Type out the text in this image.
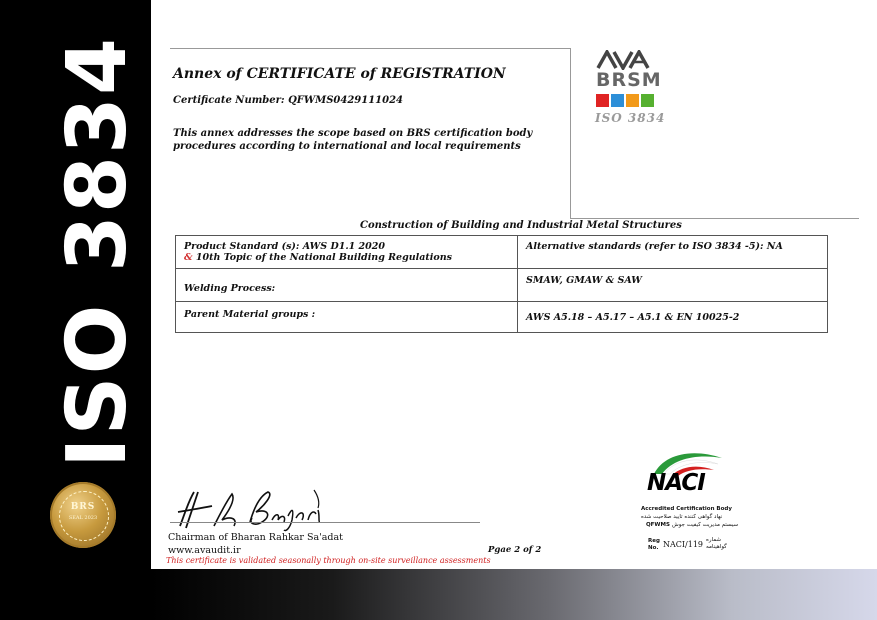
ISO 3834
BRS
SEAL 2023
Annex of CERTIFICATE of REGISTRATION
Certificate Number: QFWMS0429111024
This annex addresses the scope based on BRS certification body
procedures according to international and local requirements
BRSM
ISO 3834
Construction of Building and Industrial Metal Structures
Product Standard (s): AWS D1.1 2020
& 10th Topic of the National Building Regulations	Alternative standards (refer to ISO 3834 -5): NA
Welding Process:	SMAW, GMAW & SAW
Parent Material groups :	AWS A5.18 – A5.17 – A5.1 & EN 10025-2
Chairman of Bharan Rahkar Sa'adat
www.avaudit.ir
This certificate is validated seasonally through on-site surveillance assessments
Pgae 2 of 2
NACI
Accredited Certification Body
نهاد گواهی کننده تایید صلاحیت شده
QFWMS سیستم مدیریت کیفیت جوش
Reg
No. NACI/119 شماره
گواهینامه
